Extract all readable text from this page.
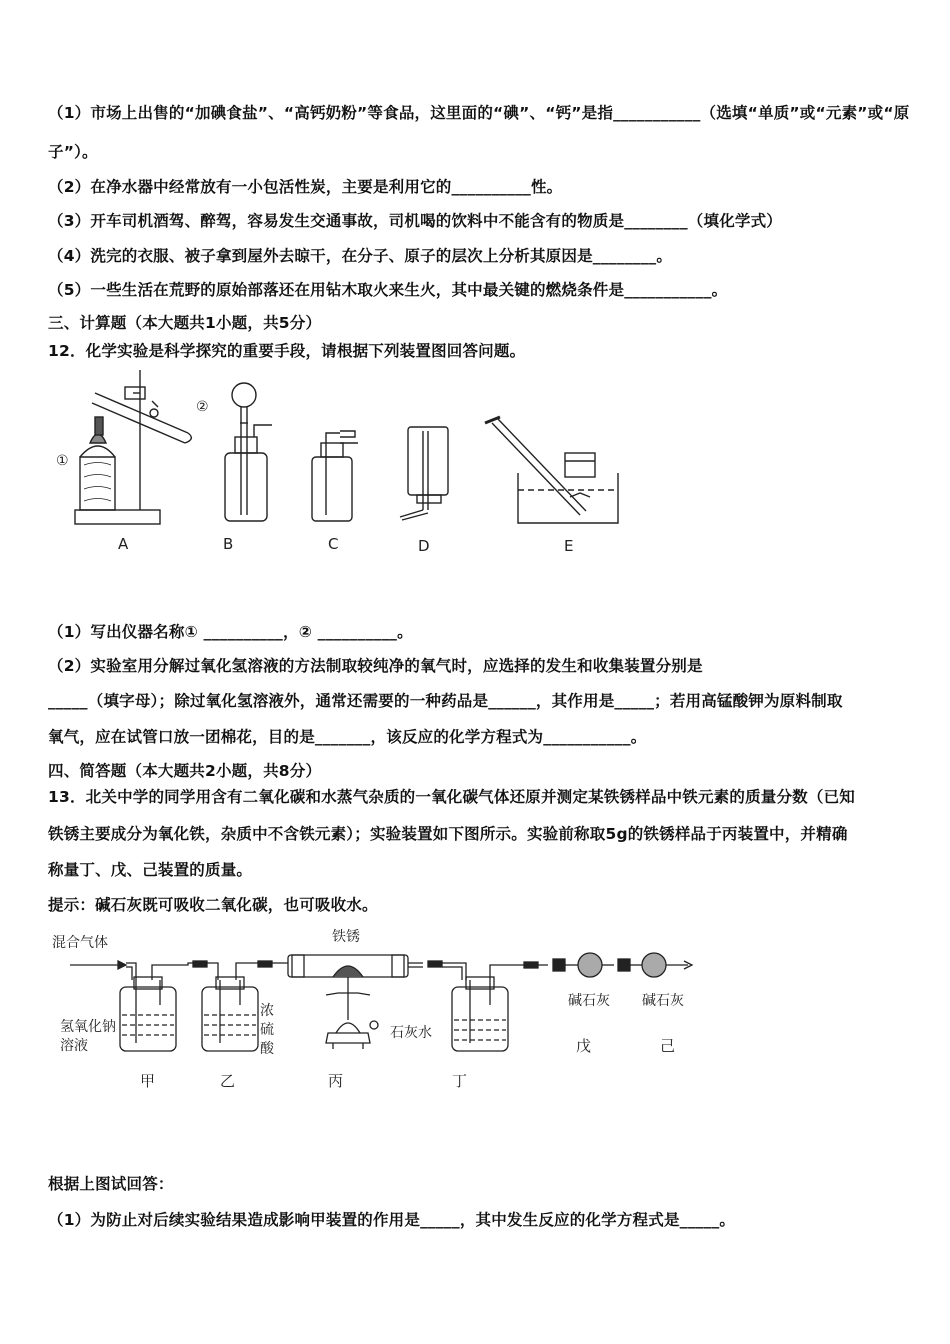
（1）市场上出售的“加碘食盐”、“高钙奶粉”等食品，这里面的“碘”、“钙”是指___________（选填“单质”或“元素”或“原
子”）。
（2）在净水器中经常放有一小包活性炭，主要是利用它的__________性。
（3）开车司机酒驾、醉驾，容易发生交通事故，司机喝的饮料中不能含有的物质是________（填化学式）
（4）洗完的衣服、被子拿到屋外去晾干，在分子、原子的层次上分析其原因是________。
（5）一些生活在荒野的原始部落还在用钻木取火来生火，其中最关键的燃烧条件是___________。
三、计算题（本大题共1小题，共5分）
12．化学实验是科学探究的重要手段，请根据下列装置图回答问题。
①
②
A	B	C	D	E
（1）写出仪器名称① __________，② __________。
（2）实验室用分解过氧化氢溶液的方法制取较纯净的氧气时，应选择的发生和收集装置分别是
_____（填字母）；除过氧化氢溶液外，通常还需要的一种药品是______，其作用是_____；若用高锰酸钾为原料制取
氧气，应在试管口放一团棉花，目的是_______，该反应的化学方程式为___________。
四、简答题（本大题共2小题，共8分）
13．北关中学的同学用含有二氧化碳和水蒸气杂质的一氧化碳气体还原并测定某铁锈样品中铁元素的质量分数（已知
铁锈主要成分为氧化铁，杂质中不含铁元素）；实验装置如下图所示。实验前称取5g的铁锈样品于丙装置中，并精确
称量丁、戊、己装置的质量。
提示：碱石灰既可吸收二氧化碳，也可吸收水。
混合气体
氢氧化钠
溶液
浓
硫
酸
铁锈
石灰水
碱石灰 碱石灰
甲	乙	丙	丁
戊	己
根据上图试回答：
（1）为防止对后续实验结果造成影响甲装置的作用是_____，其中发生反应的化学方程式是_____。
